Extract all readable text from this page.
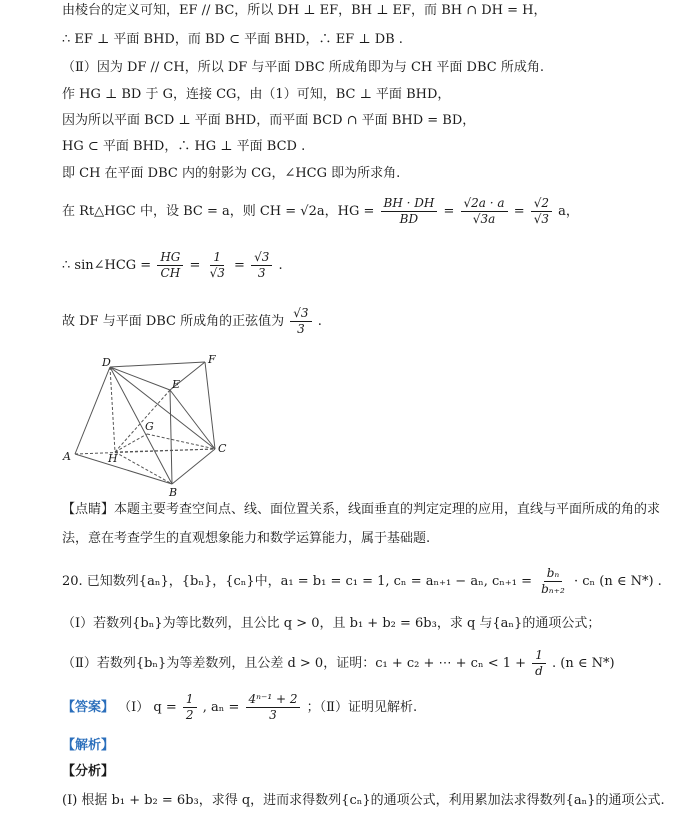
由棱台的定义可知，EF // BC，所以 DH ⊥ EF，BH ⊥ EF，而 BH ∩ DH = H，
∴ EF ⊥ 平面 BHD，而 BD ⊂ 平面 BHD，∴ EF ⊥ DB .
（Ⅱ）因为 DF // CH，所以 DF 与平面 DBC 所成角即为与 CH 平面 DBC 所成角.
作 HG ⊥ BD 于 G，连接 CG，由（1）可知，BC ⊥ 平面 BHD，
因为所以平面 BCD ⊥ 平面 BHD，而平面 BCD ∩ 平面 BHD = BD，
HG ⊂ 平面 BHD，∴ HG ⊥ 平面 BCD .
即 CH 在平面 DBC 内的射影为 CG，∠HCG 即为所求角.
在 Rt△HGC 中，设 BC = a，则 CH = √2a，HG = $\frac{BH \cdot DH}{BD} = \frac{√2a \cdot a}{√3a} = \frac{√2}{√3}$ a，
∴ sin∠HCG = $\frac{HG}{CH} = \frac{1}{√3} = \frac{√3}{3}$ .
故 DF 与平面 DBC 所成角的正弦值为 $\frac{√3}{3}$ .
D	F
E
G
H
A
C
B
【点睛】本题主要考查空间点、线、面位置关系，线面垂直的判定定理的应用，直线与平面所成的角的求
法，意在考查学生的直观想象能力和数学运算能力，属于基础题.
20. 已知数列{aₙ}，{bₙ}，{cₙ}中，a₁ = b₁ = c₁ = 1, cₙ = aₙ₊₁ − aₙ, $c_{n+1} = \frac{\text{bₙ}}{\text{bₙ₊₂}} \cdot c_n$ (n ∈ N*) .
（Ⅰ）若数列{bₙ}为等比数列，且公比 q > 0，且 b₁ + b₂ = 6b₃，求 q 与{aₙ}的通项公式；
（Ⅱ）若数列{bₙ}为等差数列，且公差 d > 0，证明：c₁ + c₂ + ⋯ + $c_n < 1 + \frac{1}{d}$ . (n ∈ N*)
【答案】 （Ⅰ） $q = \frac{1}{2}$ , $a_n = \frac{\text{4ⁿ⁻¹ + 2}}{3}$ ；（Ⅱ）证明见解析.
【解析】
【分析】
(Ⅰ) 根据 b₁ + b₂ = 6b₃，求得 q，进而求得数列{cₙ}的通项公式，利用累加法求得数列{aₙ}的通项公式.
